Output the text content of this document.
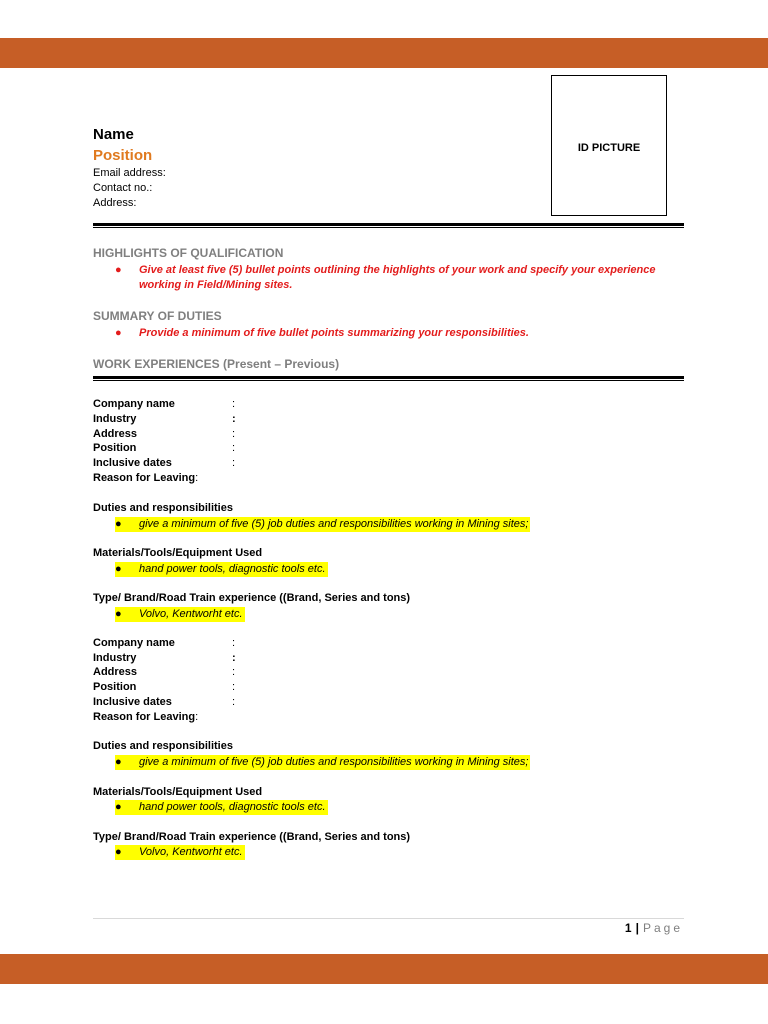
Name
Position
Email address:
Contact no.:
Address:
ID PICTURE
HIGHLIGHTS OF QUALIFICATION
●	Give at least five (5) bullet points outlining the highlights of your work and specify your experience
working in Field/Mining sites.
SUMMARY OF DUTIES
●	Provide a minimum of five bullet points summarizing your responsibilities.
WORK EXPERIENCES (Present – Previous)
Company name	:
Industry	:
Address	:
Position	:
Inclusive dates	:
Reason for Leaving:
Duties and responsibilities
● give a minimum of five (5) job duties and responsibilities working in Mining sites;
Materials/Tools/Equipment Used
● hand power tools, diagnostic tools etc.
Type/ Brand/Road Train experience ((Brand, Series and tons)
● Volvo, Kentworht etc.
Company name	:
Industry	:
Address	:
Position	:
Inclusive dates	:
Reason for Leaving:
Duties and responsibilities
● give a minimum of five (5) job duties and responsibilities working in Mining sites;
Materials/Tools/Equipment Used
● hand power tools, diagnostic tools etc.
Type/ Brand/Road Train experience ((Brand, Series and tons)
● Volvo, Kentworht etc.
1 | Page
